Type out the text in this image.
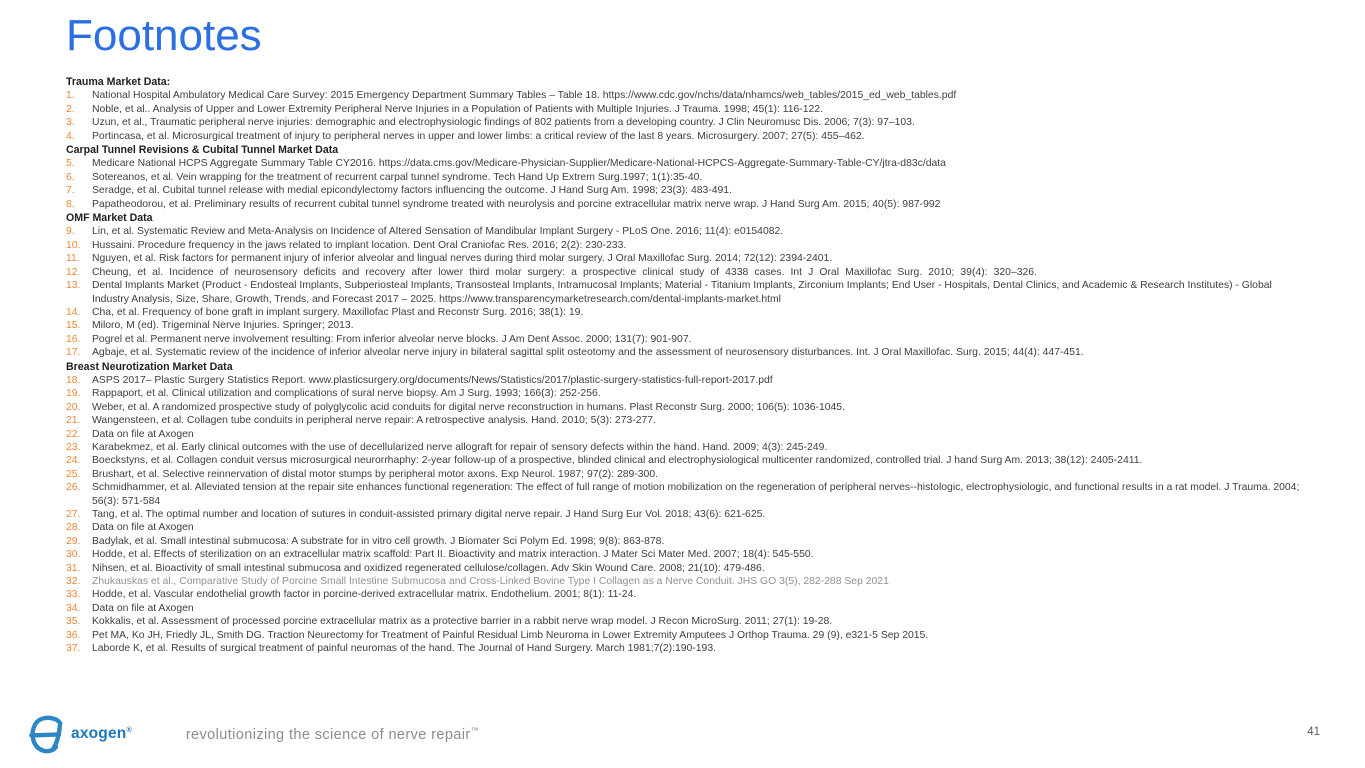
Footnotes
Trauma Market Data:
1.	National Hospital Ambulatory Medical Care Survey: 2015 Emergency Department Summary Tables – Table 18. https://www.cdc.gov/nchs/data/nhamcs/web_tables/2015_ed_web_tables.pdf
2.	Noble, et al.. Analysis of Upper and Lower Extremity Peripheral Nerve Injuries in a Population of Patients with Multiple Injuries. J Trauma. 1998; 45(1): 116-122.
3.	Uzun, et al., Traumatic peripheral nerve injuries: demographic and electrophysiologic findings of 802 patients from a developing country. J Clin Neuromusc Dis. 2006; 7(3): 97–103.
4.	Portincasa, et al. Microsurgical treatment of injury to peripheral nerves in upper and lower limbs: a critical review of the last 8 years. Microsurgery. 2007; 27(5): 455–462.
Carpal Tunnel Revisions & Cubital Tunnel Market Data
5.	Medicare National HCPS Aggregate Summary Table CY2016. https://data.cms.gov/Medicare-Physician-Supplier/Medicare-National-HCPCS-Aggregate-Summary-Table-CY/jtra-d83c/data
6.	Sotereanos, et al. Vein wrapping for the treatment of recurrent carpal tunnel syndrome. Tech Hand Up Extrem Surg.1997; 1(1):35-40.
7.	Seradge, et al. Cubital tunnel release with medial epicondylectomy factors influencing the outcome. J Hand Surg Am. 1998; 23(3): 483-491.
8.	Papatheodorou, et al. Preliminary results of recurrent cubital tunnel syndrome treated with neurolysis and porcine extracellular matrix nerve wrap. J Hand Surg Am. 2015; 40(5): 987-992
OMF Market Data
9.	Lin, et al. Systematic Review and Meta-Analysis on Incidence of Altered Sensation of Mandibular Implant Surgery - PLoS One. 2016; 11(4): e0154082.
10.	Hussaini. Procedure frequency in the jaws related to implant location. Dent Oral Craniofac Res. 2016; 2(2): 230-233.
11.	Nguyen, et al. Risk factors for permanent injury of inferior alveolar and lingual nerves during third molar surgery. J Oral Maxillofac Surg. 2014; 72(12): 2394-2401.
12.	Cheung, et al. Incidence of neurosensory deficits and recovery after lower third molar surgery: a prospective clinical study of 4338 cases. Int J Oral Maxillofac Surg. 2010; 39(4): 320–326.
13.	Dental Implants Market (Product - Endosteal Implants, Subperiosteal Implants, Transosteal Implants, Intramucosal Implants; Material - Titanium Implants, Zirconium Implants; End User - Hospitals, Dental Clinics, and Academic & Research Institutes) - Global Industry Analysis, Size, Share, Growth, Trends, and Forecast 2017 – 2025. https://www.transparencymarketresearch.com/dental-implants-market.html
14.	Cha, et al. Frequency of bone graft in implant surgery. Maxillofac Plast and Reconstr Surg. 2016; 38(1): 19.
15.	Miloro, M (ed). Trigeminal Nerve Injuries. Springer; 2013.
16.	Pogrel et al. Permanent nerve involvement resulting: From inferior alveolar nerve blocks. J Am Dent Assoc. 2000; 131(7): 901-907.
17.	Agbaje, et al. Systematic review of the incidence of inferior alveolar nerve injury in bilateral sagittal split osteotomy and the assessment of neurosensory disturbances. Int. J Oral Maxillofac. Surg. 2015; 44(4): 447-451.
Breast Neurotization Market Data
18.	ASPS 2017– Plastic Surgery Statistics Report. www.plasticsurgery.org/documents/News/Statistics/2017/plastic-surgery-statistics-full-report-2017.pdf
19.	Rappaport, et al. Clinical utilization and complications of sural nerve biopsy. Am J Surg. 1993; 166(3): 252-256.
20.	Weber, et al. A randomized prospective study of polyglycolic acid conduits for digital nerve reconstruction in humans. Plast Reconstr Surg. 2000; 106(5): 1036-1045.
21.	Wangensteen, et al. Collagen tube conduits in peripheral nerve repair: A retrospective analysis. Hand. 2010; 5(3): 273-277.
22.	Data on file at Axogen
23.	Karabekmez, et al. Early clinical outcomes with the use of decellularized nerve allograft for repair of sensory defects within the hand. Hand. 2009; 4(3): 245-249.
24.	Boeckstyns, et al. Collagen conduit versus microsurgical neurorrhaphy: 2-year follow-up of a prospective, blinded clinical and electrophysiological multicenter randomized, controlled trial. J hand Surg Am. 2013; 38(12): 2405-2411.
25.	Brushart, et al. Selective reinnervation of distal motor stumps by peripheral motor axons. Exp Neurol. 1987; 97(2): 289-300.
26.	Schmidhammer, et al. Alleviated tension at the repair site enhances functional regeneration: The effect of full range of motion mobilization on the regeneration of peripheral nerves--histologic, electrophysiologic, and functional results in a rat model. J Trauma. 2004; 56(3): 571-584
27.	Tang, et al. The optimal number and location of sutures in conduit-assisted primary digital nerve repair. J Hand Surg Eur Vol. 2018; 43(6): 621-625.
28.	Data on file at Axogen
29.	Badylak, et al. Small intestinal submucosa: A substrate for in vitro cell growth. J Biomater Sci Polym Ed. 1998; 9(8): 863-878.
30.	Hodde, et al. Effects of sterilization on an extracellular matrix scaffold: Part II. Bioactivity and matrix interaction. J Mater Sci Mater Med. 2007; 18(4): 545-550.
31.	Nihsen, et al. Bioactivity of small intestinal submucosa and oxidized regenerated cellulose/collagen. Adv Skin Wound Care. 2008; 21(10): 479-486.
32.	Zhukauskas et al., Comparative Study of Porcine Small Intestine Submucosa and Cross-Linked Bovine Type I Collagen as a Nerve Conduit. JHS GO 3(5), 282-288 Sep 2021
33.	Hodde, et al. Vascular endothelial growth factor in porcine-derived extracellular matrix. Endothelium. 2001; 8(1): 11-24.
34.	Data on file at Axogen
35.	Kokkalis, et al. Assessment of processed porcine extracellular matrix as a protective barrier in a rabbit nerve wrap model. J Recon MicroSurg. 2011; 27(1): 19-28.
36.	Pet MA, Ko JH, Friedly JL, Smith DG. Traction Neurectomy for Treatment of Painful Residual Limb Neuroma in Lower Extremity Amputees J Orthop Trauma. 29 (9), e321-5 Sep 2015.
37.	Laborde K, et al. Results of surgical treatment of painful neuromas of the hand. The Journal of Hand Surgery. March 1981;7(2):190-193.
axogen®	revolutionizing the science of nerve repair™	41
